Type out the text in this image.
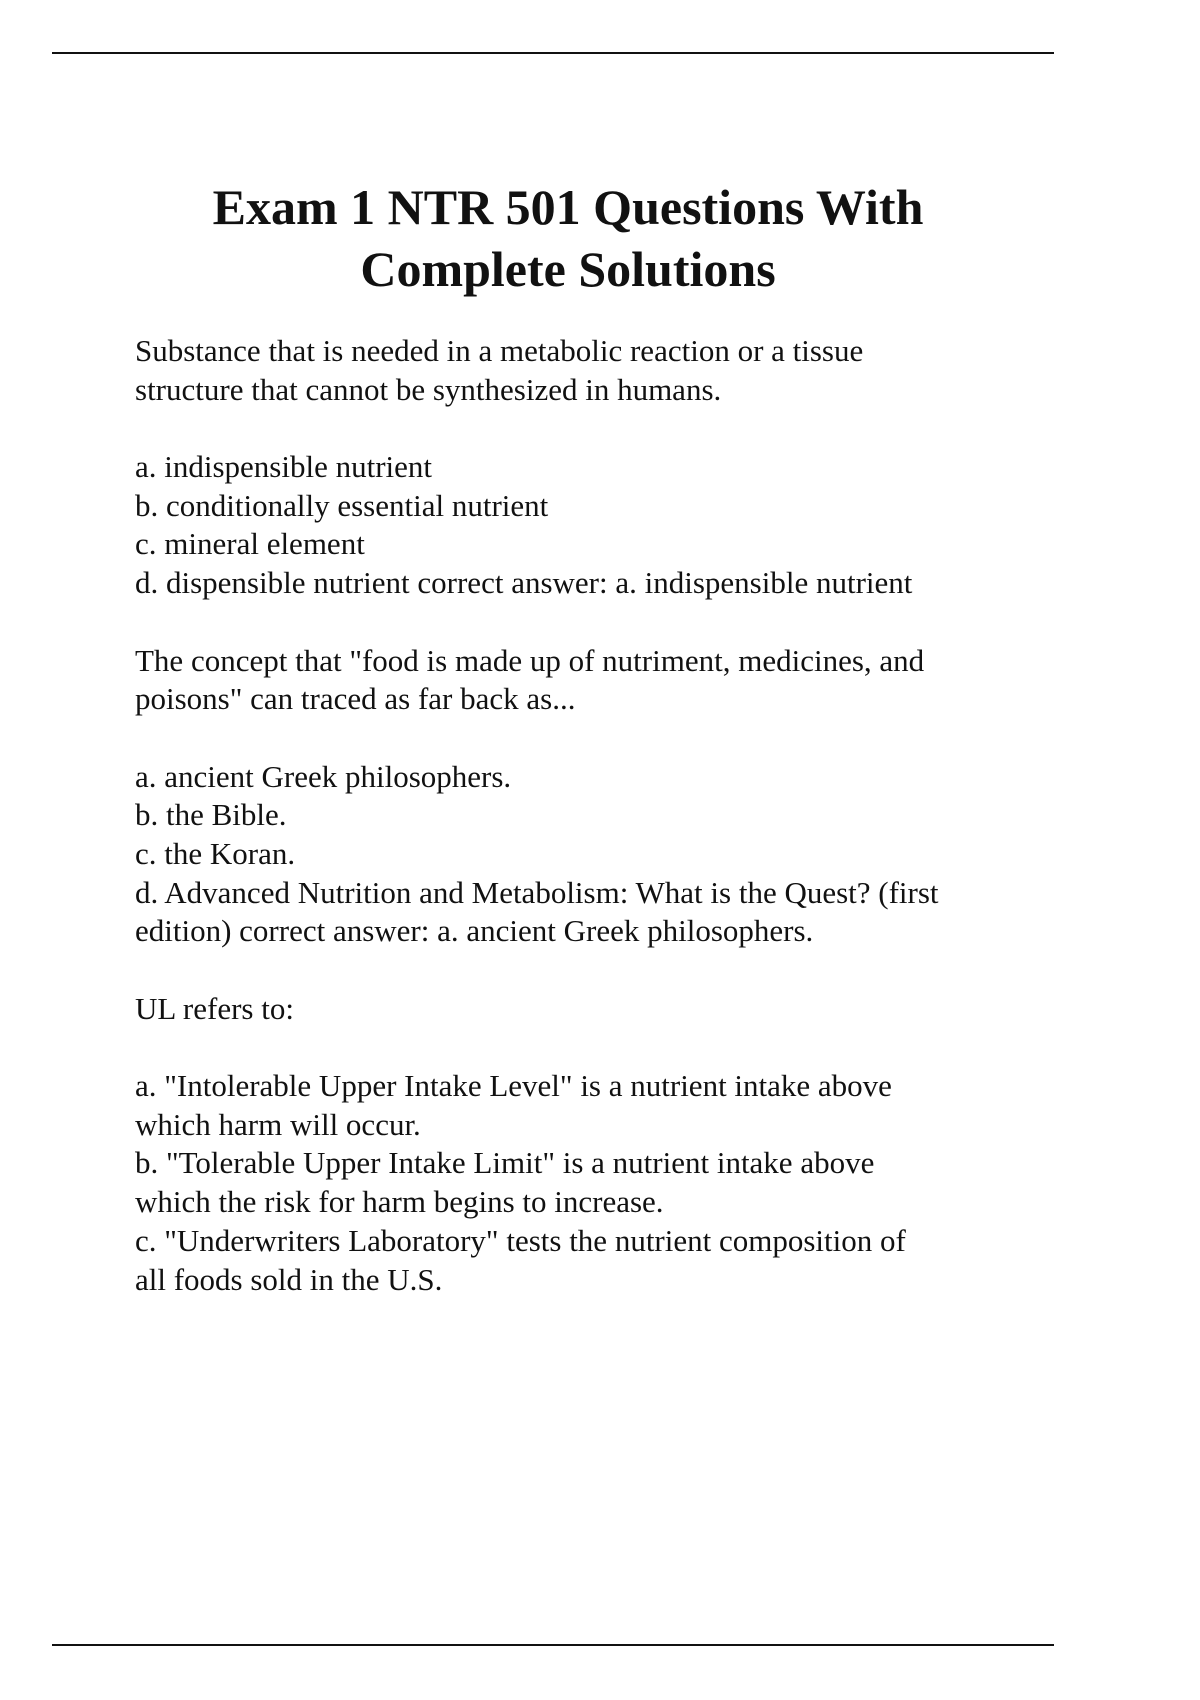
Exam 1 NTR 501 Questions With
Complete Solutions
Substance that is needed in a metabolic reaction or a tissue
structure that cannot be synthesized in humans.
a. indispensible nutrient
b. conditionally essential nutrient
c. mineral element
d. dispensible nutrient correct answer: a. indispensible nutrient
The concept that "food is made up of nutriment, medicines, and
poisons" can traced as far back as...
a. ancient Greek philosophers.
b. the Bible.
c. the Koran.
d. Advanced Nutrition and Metabolism: What is the Quest? (first
edition) correct answer: a. ancient Greek philosophers.
UL refers to:
a. "Intolerable Upper Intake Level" is a nutrient intake above
which harm will occur.
b. "Tolerable Upper Intake Limit" is a nutrient intake above
which the risk for harm begins to increase.
c. "Underwriters Laboratory" tests the nutrient composition of
all foods sold in the U.S.
